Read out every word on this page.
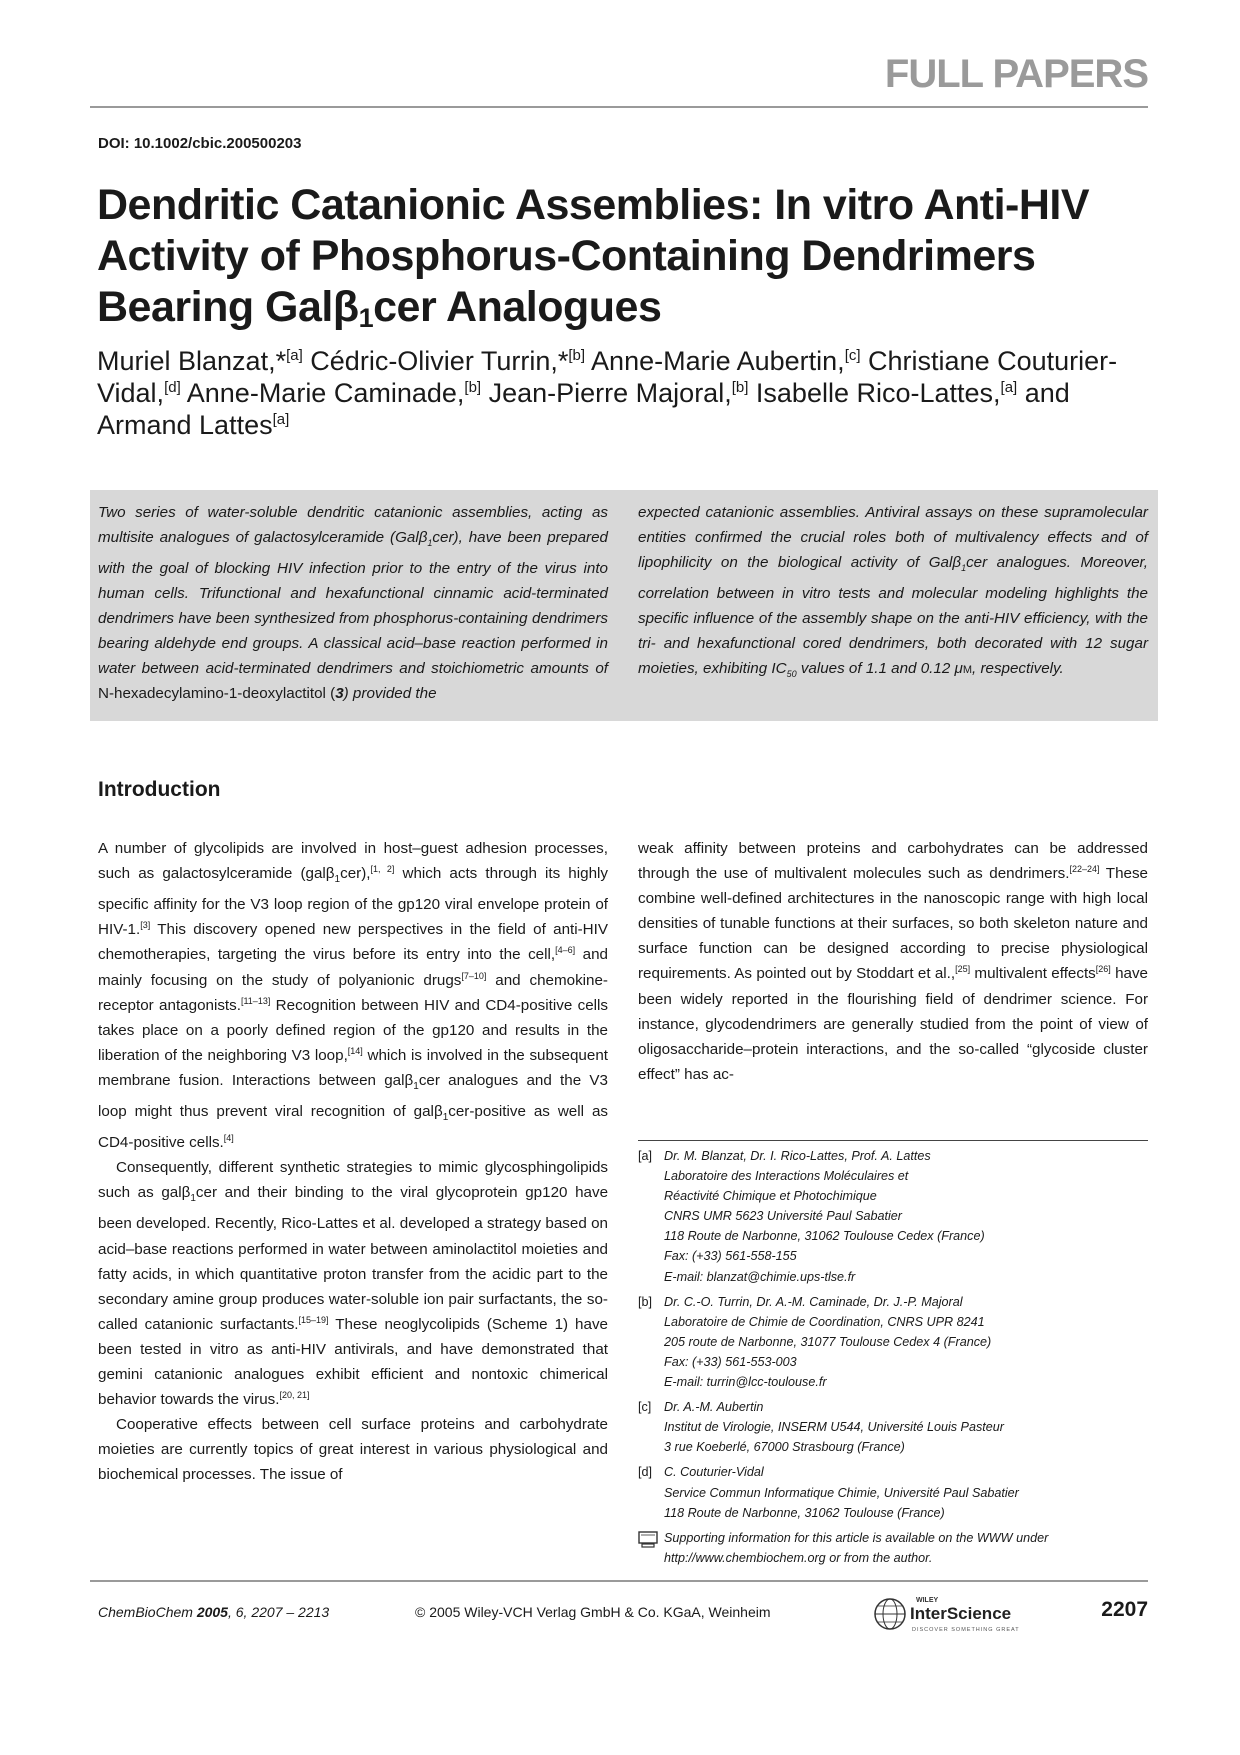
FULL PAPERS
DOI: 10.1002/cbic.200500203
Dendritic Catanionic Assemblies: In vitro Anti-HIV Activity of Phosphorus-Containing Dendrimers Bearing Galβ$_1$cer Analogues

Muriel Blanzat,*[a] Cédric-Olivier Turrin,*[b] Anne-Marie Aubertin,[c] Christiane Couturier-Vidal,[d] Anne-Marie Caminade,[b] Jean-Pierre Majoral,[b] Isabelle Rico-Lattes,[a] and Armand Lattes[a]

Two series of water-soluble dendritic catanionic assemblies, acting as multisite analogues of galactosylceramide (Galβ$_1$cer), have been prepared with the goal of blocking HIV infection prior to the entry of the virus into human cells. Trifunctional and hexafunctional cinnamic acid-terminated dendrimers have been synthesized from phosphorus-containing dendrimers bearing aldehyde end groups. A classical acid–base reaction performed in water between acid-terminated dendrimers and stoichiometric amounts of N-hexadecylamino-1-deoxylactitol (3) provided the

expected catanionic assemblies. Antiviral assays on these supramolecular entities confirmed the crucial roles both of multivalency effects and of lipophilicity on the biological activity of Galβ$_1$cer analogues. Moreover, correlation between in vitro tests and molecular modeling highlights the specific influence of the assembly shape on the anti-HIV efficiency, with the tri- and hexafunctional cored dendrimers, both decorated with 12 sugar moieties, exhibiting $IC_{50}$ values of 1.1 and 0.12 μM, respectively.

Introduction

A number of glycolipids are involved in host–guest adhesion processes, such as galactosylceramide (galβ$_1$cer),[1, 2] which acts through its highly specific affinity for the V3 loop region of the gp120 viral envelope protein of HIV-1.[3] This discovery opened new perspectives in the field of anti-HIV chemotherapies, targeting the virus before its entry into the cell,[4–6] and mainly focusing on the study of polyanionic drugs[7–10] and chemokine-receptor antagonists.[11–13] Recognition between HIV and CD4-positive cells takes place on a poorly defined region of the gp120 and results in the liberation of the neighboring V3 loop,[14] which is involved in the subsequent membrane fusion. Interactions between galβ$_1$cer analogues and the V3 loop might thus prevent viral recognition of galβ$_1$cer-positive as well as CD4-positive cells.[4]

Consequently, different synthetic strategies to mimic glycosphingolipids such as galβ$_1$cer and their binding to the viral glycoprotein gp120 have been developed. Recently, Rico-Lattes et al. developed a strategy based on acid–base reactions performed in water between aminolactitol moieties and fatty acids, in which quantitative proton transfer from the acidic part to the secondary amine group produces water-soluble ion pair surfactants, the so-called catanionic surfactants.[15–19] These neoglycolipids (Scheme 1) have been tested in vitro as anti-HIV antivirals, and have demonstrated that gemini catanionic analogues exhibit efficient and nontoxic chimerical behavior towards the virus.[20, 21]

Cooperative effects between cell surface proteins and carbohydrate moieties are currently topics of great interest in various physiological and biochemical processes. The issue of

weak affinity between proteins and carbohydrates can be addressed through the use of multivalent molecules such as dendrimers.[22–24] These combine well-defined architectures in the nanoscopic range with high local densities of tunable functions at their surfaces, so both skeleton nature and surface function can be designed according to precise physiological requirements. As pointed out by Stoddart et al.,[25] multivalent effects[26] have been widely reported in the flourishing field of dendrimer science. For instance, glycodendrimers are generally studied from the point of view of oligosaccharide–protein interactions, and the so-called “glycoside cluster effect” has ac-

[a] Dr. M. Blanzat, Dr. I. Rico-Lattes, Prof. A. Lattes
Laboratoire des Interactions Moléculaires et
Réactivité Chimique et Photochimique
CNRS UMR 5623 Université Paul Sabatier
118 Route de Narbonne, 31062 Toulouse Cedex (France)
Fax: (+33) 561-558-155
E-mail: blanzat@chimie.ups-tlse.fr
[b] Dr. C.-O. Turrin, Dr. A.-M. Caminade, Dr. J.-P. Majoral
Laboratoire de Chimie de Coordination, CNRS UPR 8241
205 route de Narbonne, 31077 Toulouse Cedex 4 (France)
Fax: (+33) 561-553-003
E-mail: turrin@lcc-toulouse.fr
[c] Dr. A.-M. Aubertin
Institut de Virologie, INSERM U544, Université Louis Pasteur
3 rue Koeberlé, 67000 Strasbourg (France)
[d] C. Couturier-Vidal
Service Commun Informatique Chimie, Université Paul Sabatier
118 Route de Narbonne, 31062 Toulouse (France)
Supporting information for this article is available on the WWW under
http://www.chembiochem.org or from the author.
ChemBioChem 2005, 6, 2207 – 2213	© 2005 Wiley-VCH Verlag GmbH & Co. KGaA, Weinheim
WILEY
InterScience
DISCOVER SOMETHING GREAT
2207
